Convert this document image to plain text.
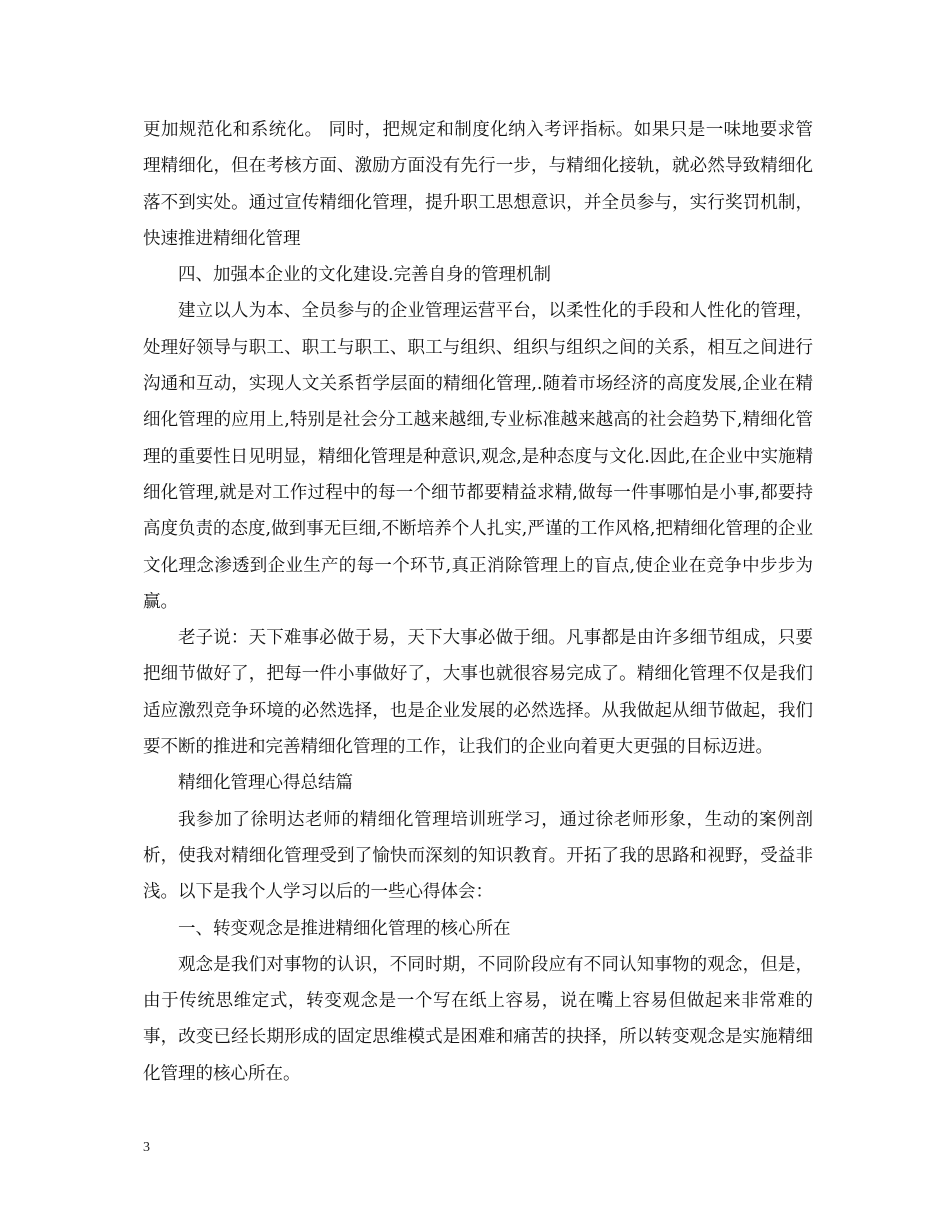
更加规范化和系统化。 同时，把规定和制度化纳入考评指标。如果只是一味地要求管理精细化，但在考核方面、激励方面没有先行一步，与精细化接轨，就必然导致精细化落不到实处。通过宣传精细化管理，提升职工思想意识，并全员参与，实行奖罚机制，快速推进精细化管理

四、加强本企业的文化建设.完善自身的管理机制

建立以人为本、全员参与的企业管理运营平台，以柔性化的手段和人性化的管理，处理好领导与职工、职工与职工、职工与组织、组织与组织之间的关系，相互之间进行沟通和互动，实现人文关系哲学层面的精细化管理,.随着市场经济的高度发展,企业在精细化管理的应用上,特别是社会分工越来越细,专业标准越来越高的社会趋势下,精细化管理的重要性日见明显，精细化管理是种意识,观念,是种态度与文化.因此,在企业中实施精细化管理,就是对工作过程中的每一个细节都要精益求精,做每一件事哪怕是小事,都要持高度负责的态度,做到事无巨细,不断培养个人扎实,严谨的工作风格,把精细化管理的企业文化理念渗透到企业生产的每一个环节,真正消除管理上的盲点,使企业在竞争中步步为赢。

老子说：天下难事必做于易，天下大事必做于细。凡事都是由许多细节组成，只要把细节做好了，把每一件小事做好了，大事也就很容易完成了。精细化管理不仅是我们适应激烈竞争环境的必然选择，也是企业发展的必然选择。从我做起从细节做起，我们要不断的推进和完善精细化管理的工作，让我们的企业向着更大更强的目标迈进。

精细化管理心得总结篇

我参加了徐明达老师的精细化管理培训班学习，通过徐老师形象，生动的案例剖析，使我对精细化管理受到了愉快而深刻的知识教育。开拓了我的思路和视野，受益非浅。以下是我个人学习以后的一些心得体会：

一、转变观念是推进精细化管理的核心所在

观念是我们对事物的认识，不同时期，不同阶段应有不同认知事物的观念，但是，由于传统思维定式，转变观念是一个写在纸上容易，说在嘴上容易但做起来非常难的事，改变已经长期形成的固定思维模式是困难和痛苦的抉择，所以转变观念是实施精细化管理的核心所在。

3
